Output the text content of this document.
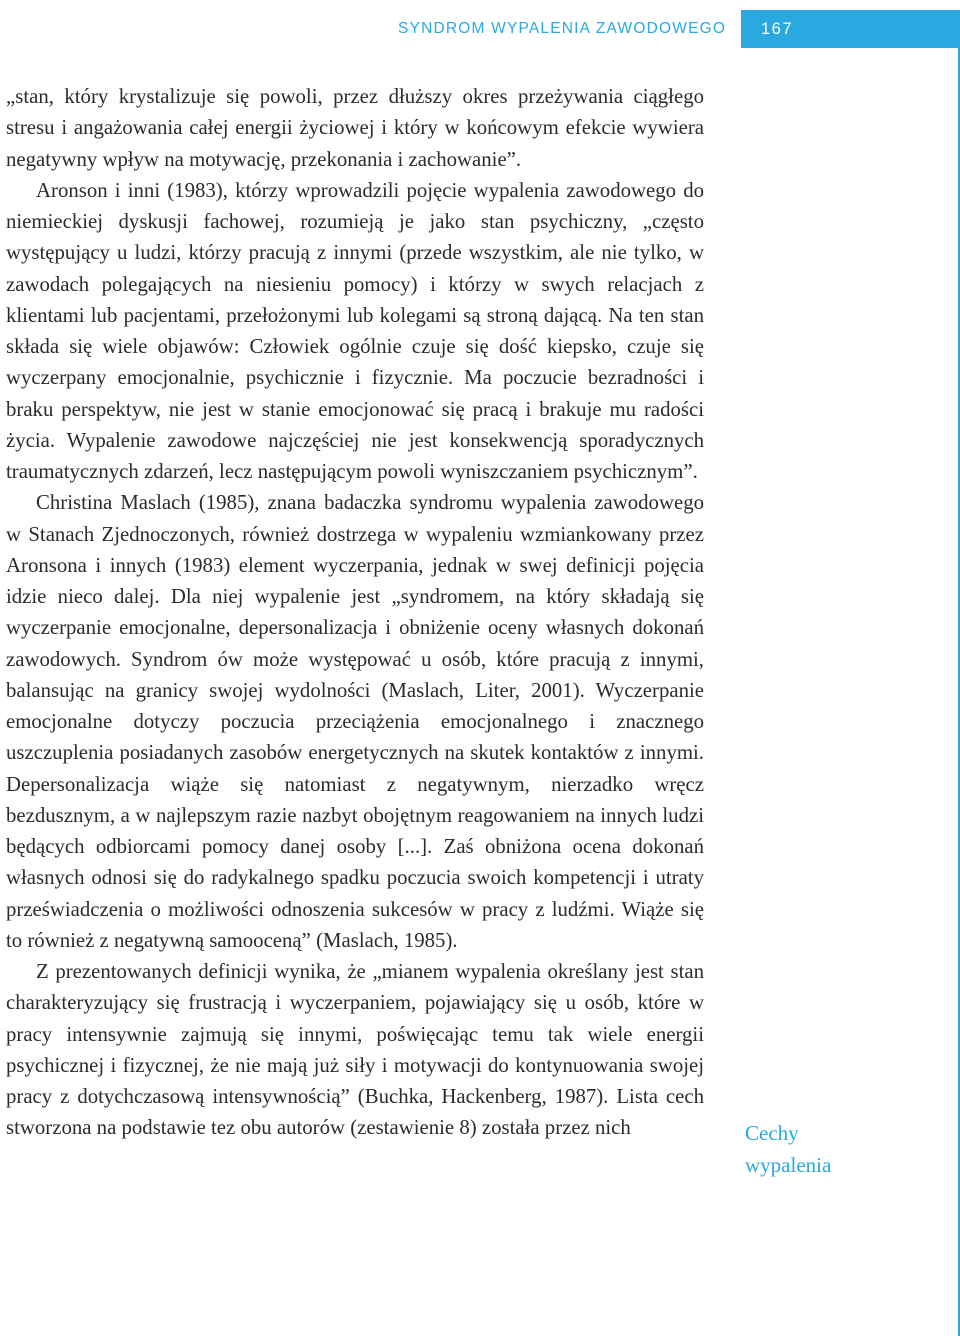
SYNDROM WYPALENIA ZAWODOWEGO 167

„stan, który krystalizuje się powoli, przez dłuższy okres przeżywania ciągłego stresu i angażowania całej energii życiowej i który w końcowym efekcie wywiera negatywny wpływ na motywację, przekonania i zachowanie”.

Aronson i inni (1983), którzy wprowadzili pojęcie wypalenia zawodowego do niemieckiej dyskusji fachowej, rozumieją je jako stan psychiczny, „często występujący u ludzi, którzy pracują z innymi (przede wszystkim, ale nie tylko, w zawodach polegających na niesieniu pomocy) i którzy w swych relacjach z klientami lub pacjentami, przełożonymi lub kolegami są stroną dającą. Na ten stan składa się wiele objawów: Człowiek ogólnie czuje się dość kiepsko, czuje się wyczerpany emocjonalnie, psychicznie i fizycznie. Ma poczucie bezradności i braku perspektyw, nie jest w stanie emocjonować się pracą i brakuje mu radości życia. Wypalenie zawodowe najczęściej nie jest konsekwencją sporadycznych traumatycznych zdarzeń, lecz następującym powoli wyniszczaniem psychicznym”.

Christina Maslach (1985), znana badaczka syndromu wypalenia zawodowego w Stanach Zjednoczonych, również dostrzega w wypaleniu wzmiankowany przez Aronsona i innych (1983) element wyczerpania, jednak w swej definicji pojęcia idzie nieco dalej. Dla niej wypalenie jest „syndromem, na który składają się wyczerpanie emocjonalne, depersonalizacja i obniżenie oceny własnych dokonań zawodowych. Syndrom ów może występować u osób, które pracują z innymi, balansując na granicy swojej wydolności (Maslach, Liter, 2001). Wyczerpanie emocjonalne dotyczy poczucia przeciążenia emocjonalnego i znacznego uszczuplenia posiadanych zasobów energetycznych na skutek kontaktów z innymi. Depersonalizacja wiąże się natomiast z negatywnym, nierzadko wręcz bezdusznym, a w najlepszym razie nazbyt obojętnym reagowaniem na innych ludzi będących odbiorcami pomocy danej osoby [...]. Zaś obniżona ocena dokonań własnych odnosi się do radykalnego spadku poczucia swoich kompetencji i utraty przeświadczenia o możliwości odnoszenia sukcesów w pracy z ludźmi. Wiąże się to również z negatywną samooceną” (Maslach, 1985).

Z prezentowanych definicji wynika, że „mianem wypalenia określany jest stan charakteryzujący się frustracją i wyczerpaniem, pojawiający się u osób, które w pracy intensywnie zajmują się innymi, poświęcając temu tak wiele energii psychicznej i fizycznej, że nie mają już siły i motywacji do kontynuowania swojej pracy z dotychczasową intensywnością” (Buchka, Hackenberg, 1987). Lista cech stworzona na podstawie tez obu autorów (zestawienie 8) została przez nich	Cechy
wypalenia
